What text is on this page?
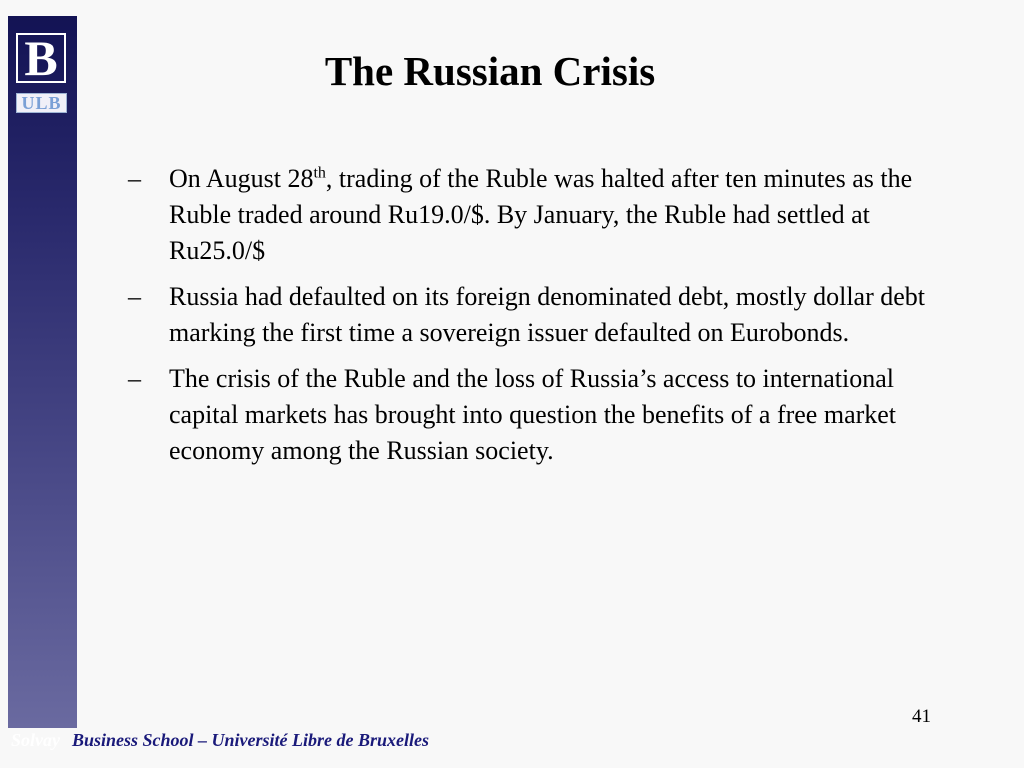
B
ULB
The Russian Crisis
– On August 28th, trading of the Ruble was halted after ten minutes as the Ruble traded around Ru19.0/$. By January, the Ruble had settled at Ru25.0/$
– Russia had defaulted on its foreign denominated debt, mostly dollar debt marking the first time a sovereign issuer defaulted on Eurobonds.
– The crisis of the Ruble and the loss of Russia’s access to international capital markets has brought into question the benefits of a free market economy among the Russian society.
41
Solvay Business School – Université Libre de Bruxelles
